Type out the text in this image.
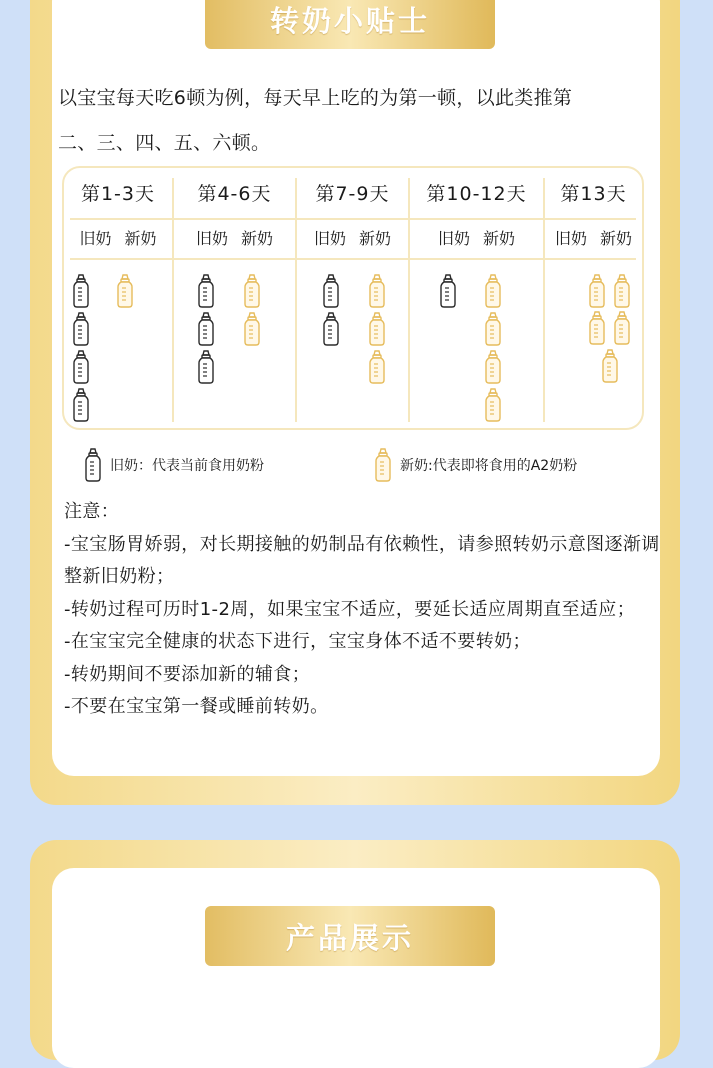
转奶小贴士
以宝宝每天吃6顿为例，每天早上吃的为第一顿，以此类推第
二、三、四、五、六顿。
第1-3天
旧奶 新奶
第4-6天
旧奶 新奶
第7-9天
旧奶 新奶
第10-12天
旧奶 新奶
第13天
旧奶 新奶
旧奶：代表当前食用奶粉	新奶:代表即将食用的A2奶粉
注意：
-宝宝肠胃娇弱，对长期接触的奶制品有依赖性，请参照转奶示意图逐渐调整新旧奶粉；
-转奶过程可历时1-2周，如果宝宝不适应，要延长适应周期直至适应；
-在宝宝完全健康的状态下进行，宝宝身体不适不要转奶；
-转奶期间不要添加新的辅食；
-不要在宝宝第一餐或睡前转奶。
产品展示
